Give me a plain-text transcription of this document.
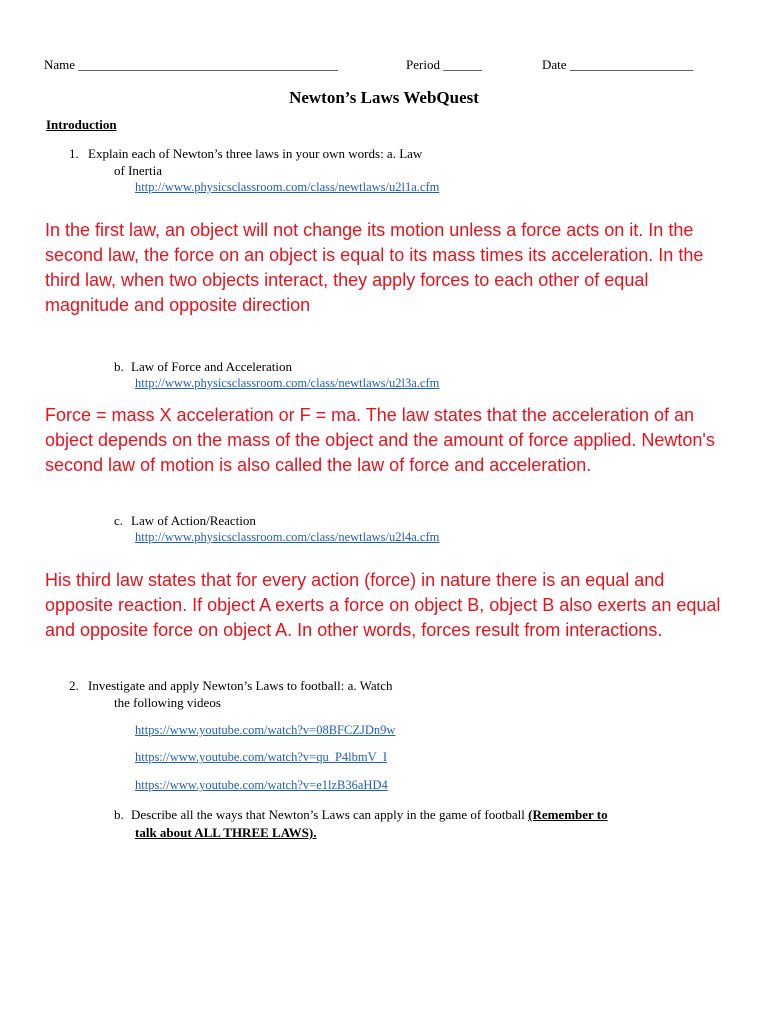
Name ________________________________________	Period ______	Date ___________________
Newton’s Laws WebQuest
Introduction
1. Explain each of Newton’s three laws in your own words: a. Law
of Inertia
http://www.physicsclassroom.com/class/newtlaws/u2l1a.cfm
In the first law, an object will not change its motion unless a force acts on it. In the second law, the force on an object is equal to its mass times its acceleration. In the third law, when two objects interact, they apply forces to each other of equal magnitude and opposite direction
b. Law of Force and Acceleration
http://www.physicsclassroom.com/class/newtlaws/u2l3a.cfm
Force = mass X acceleration or F = ma. The law states that the acceleration of an object depends on the mass of the object and the amount of force applied. Newton's second law of motion is also called the law of force and acceleration.
c. Law of Action/Reaction
http://www.physicsclassroom.com/class/newtlaws/u2l4a.cfm
His third law states that for every action (force) in nature there is an equal and opposite reaction. If object A exerts a force on object B, object B also exerts an equal and opposite force on object A. In other words, forces result from interactions.
2. Investigate and apply Newton’s Laws to football: a. Watch
the following videos
https://www.youtube.com/watch?v=08BFCZJDn9w
https://www.youtube.com/watch?v=qu_P4lbmV_I
https://www.youtube.com/watch?v=e1lzB36aHD4
b. Describe all the ways that Newton’s Laws can apply in the game of football (Remember to
talk about ALL THREE LAWS).
